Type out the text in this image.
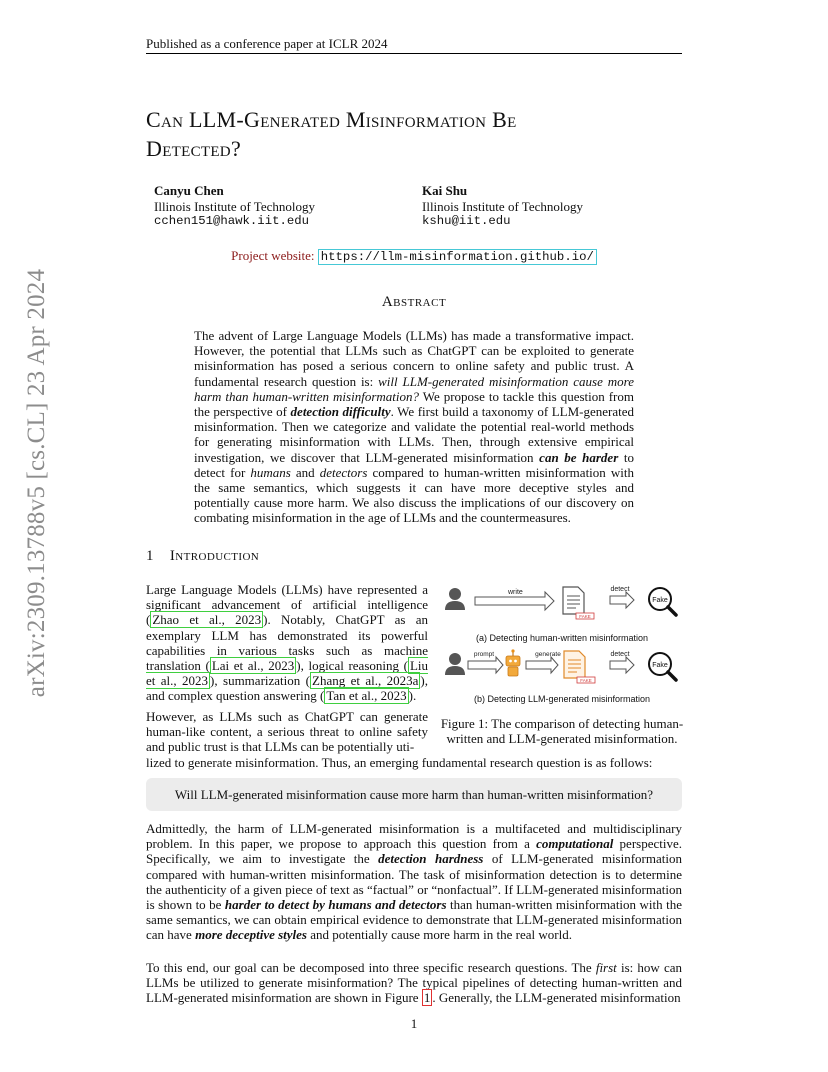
arXiv:2309.13788v5 [cs.CL] 23 Apr 2024
Published as a conference paper at ICLR 2024
Can LLM-Generated Misinformation Be
Detected?
Canyu Chen
Illinois Institute of Technology
cchen151@hawk.iit.edu
Kai Shu
Illinois Institute of Technology
kshu@iit.edu
Project website: https://llm-misinformation.github.io/
Abstract
The advent of Large Language Models (LLMs) has made a transformative impact. However, the potential that LLMs such as ChatGPT can be exploited to generate misinformation has posed a serious concern to online safety and public trust. A fundamental research question is: will LLM-generated misinformation cause more harm than human-written misinformation? We propose to tackle this question from the perspective of detection difficulty. We first build a taxonomy of LLM-generated misinformation. Then we categorize and validate the potential real-world methods for generating misinformation with LLMs. Then, through extensive empirical investigation, we discover that LLM-generated misinformation can be harder to detect for humans and detectors compared to human-written misinformation with the same semantics, which suggests it can have more deceptive styles and potentially cause more harm. We also discuss the implications of our discovery on combating misinformation in the age of LLMs and the countermeasures.
1 Introduction
Large Language Models (LLMs) have represented a significant advancement of artificial intelligence ( Zhao et al., 2023 ). Notably, ChatGPT as an exemplary LLM has demonstrated its powerful capabilities in various tasks such as machine translation ( Lai et al., 2023 ), logical reasoning ( Liu et al., 2023 ), summarization ( Zhang et al., 2023a ), and complex question answering ( Tan et al., 2023 ).
However, as LLMs such as ChatGPT can generate human-like content, a serious threat to online safety and public trust is that LLMs can be potentially uti-
lized to generate misinformation. Thus, an emerging fundamental research question is as follows:
write
FAKE
detect
Fake
(a) Detecting human-written misinformation
prompt	generate
FAKE
detect
Fake
(b) Detecting LLM-generated misinformation
Figure 1: The comparison of detecting human-written and LLM-generated misinformation.
Will LLM-generated misinformation cause more harm than human-written misinformation?
Admittedly, the harm of LLM-generated misinformation is a multifaceted and multidisciplinary problem. In this paper, we propose to approach this question from a computational perspective. Specifically, we aim to investigate the detection hardness of LLM-generated misinformation compared with human-written misinformation. The task of misinformation detection is to determine the authenticity of a given piece of text as “factual” or “nonfactual”. If LLM-generated misinformation is shown to be harder to detect by humans and detectors than human-written misinformation with the same semantics, we can obtain empirical evidence to demonstrate that LLM-generated misinformation can have more deceptive styles and potentially cause more harm in the real world.
To this end, our goal can be decomposed into three specific research questions. The first is: how can LLMs be utilized to generate misinformation? The typical pipelines of detecting human-written and LLM-generated misinformation are shown in Figure 1 . Generally, the LLM-generated misinformation
1
